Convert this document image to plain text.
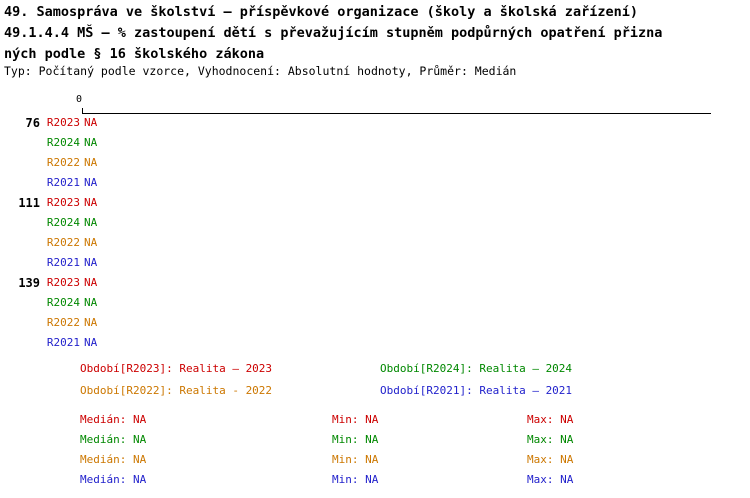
49. Samospráva ve školství – příspěvkové organizace (školy a školská zařízení)
49.1.4.4 MŠ – % zastoupení dětí s převažujícím stupněm podpůrných opatření přizna
ných podle § 16 školského zákona
Typ: Počítaný podle vzorce, Vyhodnocení: Absolutní hodnoty, Průměr: Medián
0
76 R2023 NA
R2024 NA
R2022 NA
R2021 NA
111 R2023 NA
R2024 NA
R2022 NA
R2021 NA
139 R2023 NA
R2024 NA
R2022 NA
R2021 NA
Období[R2023]: Realita – 2023	Období[R2024]: Realita – 2024
Období[R2022]: Realita - 2022	Období[R2021]: Realita – 2021
Medián: NA	Min: NA	Max: NA
Medián: NA	Min: NA	Max: NA
Medián: NA	Min: NA	Max: NA
Medián: NA	Min: NA	Max: NA
